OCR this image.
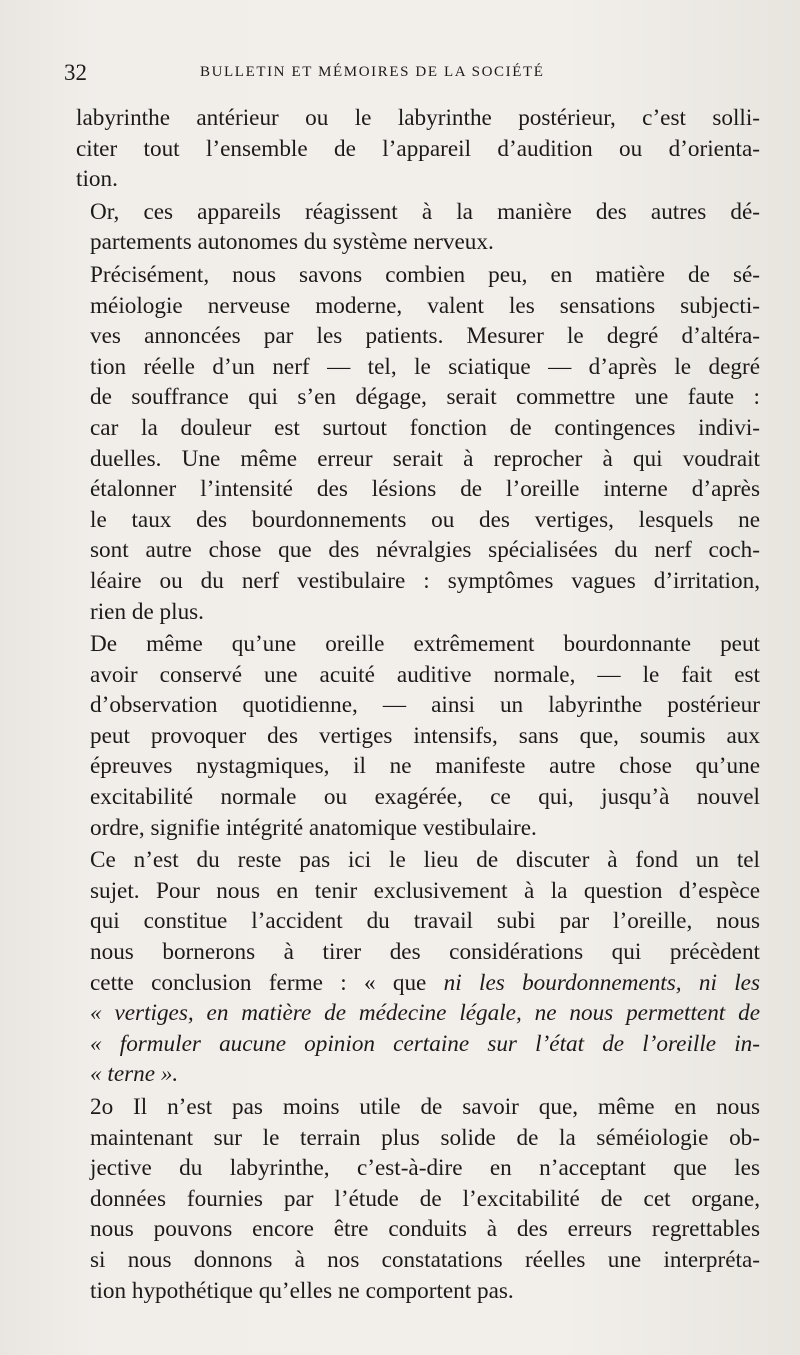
32	BULLETIN ET MÉMOIRES DE LA SOCIÉTÉ

labyrinthe antérieur ou le labyrinthe postérieur, c’est solli-
citer tout l’ensemble de l’appareil d’audition ou d’orienta-
tion.

Or, ces appareils réagissent à la manière des autres dé-
partements autonomes du système nerveux.

Précisément, nous savons combien peu, en matière de sé-
méiologie nerveuse moderne, valent les sensations subjecti-
ves annoncées par les patients. Mesurer le degré d’altéra-
tion réelle d’un nerf — tel, le sciatique — d’après le degré
de souffrance qui s’en dégage, serait commettre une faute :
car la douleur est surtout fonction de contingences indivi-
duelles. Une même erreur serait à reprocher à qui voudrait
étalonner l’intensité des lésions de l’oreille interne d’après
le taux des bourdonnements ou des vertiges, lesquels ne
sont autre chose que des névralgies spécialisées du nerf coch-
léaire ou du nerf vestibulaire : symptômes vagues d’irritation,
rien de plus.

De même qu’une oreille extrêmement bourdonnante peut
avoir conservé une acuité auditive normale, — le fait est
d’observation quotidienne, — ainsi un labyrinthe postérieur
peut provoquer des vertiges intensifs, sans que, soumis aux
épreuves nystagmiques, il ne manifeste autre chose qu’une
excitabilité normale ou exagérée, ce qui, jusqu’à nouvel
ordre, signifie intégrité anatomique vestibulaire.

Ce n’est du reste pas ici le lieu de discuter à fond un tel
sujet. Pour nous en tenir exclusivement à la question d’espèce
qui constitue l’accident du travail subi par l’oreille, nous
nous bornerons à tirer des considérations qui précèdent
cette conclusion ferme : « que ni les bourdonnements, ni les
« vertiges, en matière de médecine légale, ne nous permettent de
« formuler aucune opinion certaine sur l’état de l’oreille in-
« terne ».

2o Il n’est pas moins utile de savoir que, même en nous
maintenant sur le terrain plus solide de la séméiologie ob-
jective du labyrinthe, c’est-à-dire en n’acceptant que les
données fournies par l’étude de l’excitabilité de cet organe,
nous pouvons encore être conduits à des erreurs regrettables
si nous donnons à nos constatations réelles une interpréta-
tion hypothétique qu’elles ne comportent pas.
